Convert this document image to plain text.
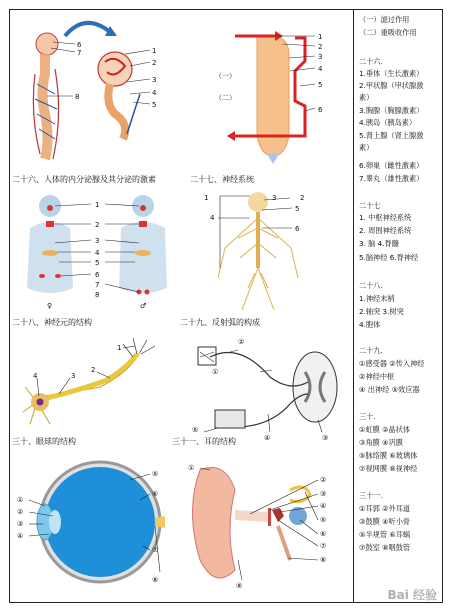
6
7
8
1
2
3
4
5
1
2
3
4
5
6
（一）
（二）
二十六、人体的内分泌腺及其分泌的激素	二十七、神经系统
1
2
3
4
5
6
7
8
♀	♂
1	2
3
4
5
6
二十八、神经元的结构	二十九、反射弧的构成
1
2
3
4	①
②
③
④
⑤
三十、眼球的结构	三十一、耳的结构
①
②
③
④
⑤
⑥
⑦
⑧
①
②
③
④
⑤
⑥
⑦
⑧
⑨
（一）滤过作用
（二）重吸收作用
二十六.
1.垂体（生长激素）
2.甲状腺（甲状腺激
素）
3.胸腺（胸腺激素）
4.胰岛（胰岛素）
5.肾上腺（肾上腺激
素）
6.卵巢（雌性激素）
7.睾丸（雄性激素）
二十七
1. 中枢神经系统
2. 周围神经系统
3. 脑 4.脊髓
5.脑神经 6.脊神经
二十八.
1.神经末梢
2.轴突 3.树突
4.胞体
二十九.
①感受器 ②传入神经
②神经中枢
④ 出神经 ⑤效应器
三十.
①虹膜 ②晶状体
③角膜 ④巩膜
⑤脉络膜 ⑥玻璃体
⑦视网膜 ⑧视神经
三十一.
①耳郭 ②外耳道
③鼓膜 ④听小骨
⑤半规管 ⑥耳蜗
⑦鼓室 ⑧咽鼓管
Bai 经验
